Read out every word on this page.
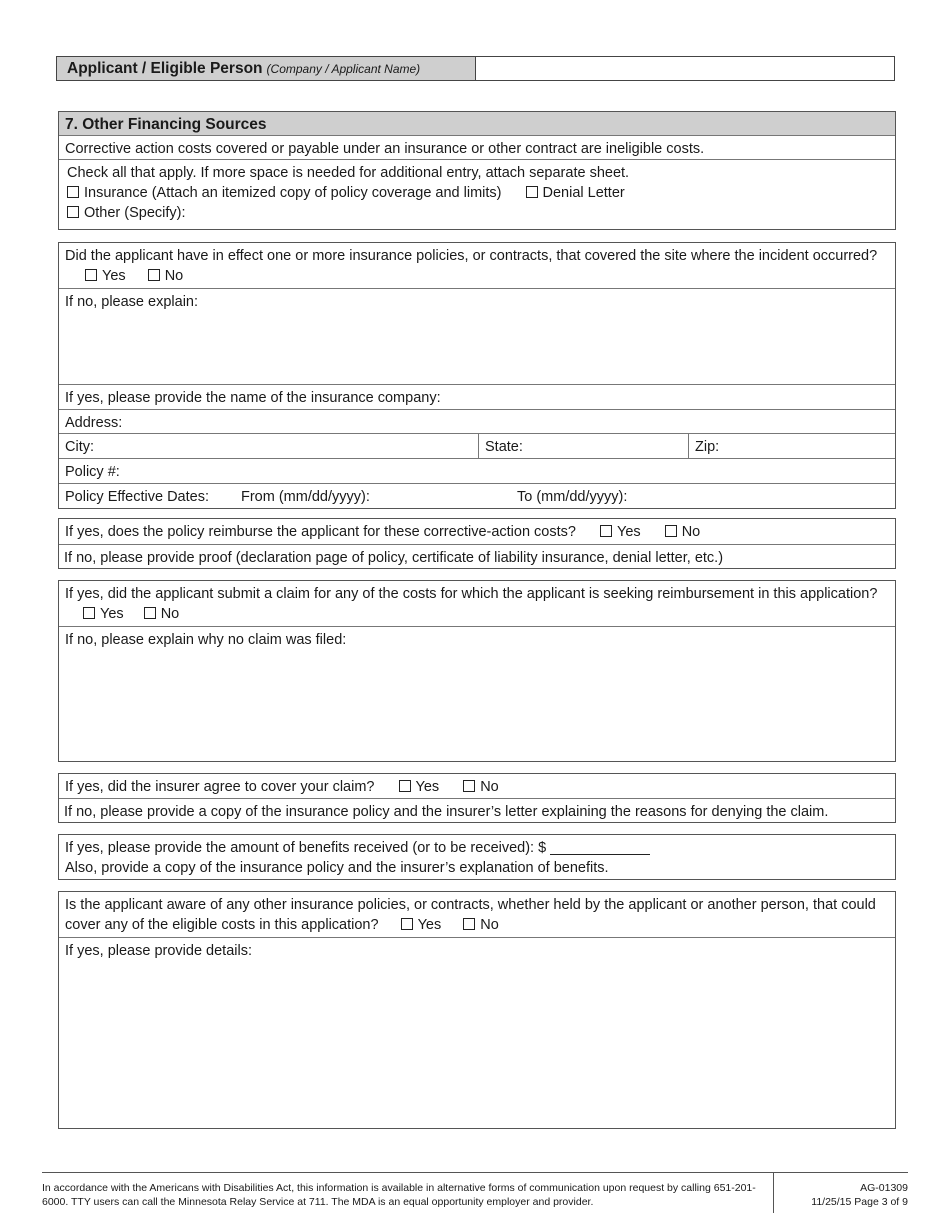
Applicant / Eligible Person (Company / Applicant Name)
7. Other Financing Sources
Corrective action costs covered or payable under an insurance or other contract are ineligible costs.
Check all that apply. If more space is needed for additional entry, attach separate sheet.
Insurance (Attach an itemized copy of policy coverage and limits)	Denial Letter
Other (Specify):
Did the applicant have in effect one or more insurance policies, or contracts, that covered the site where the incident occurred? Yes	No
If no, please explain:
If yes, please provide the name of the insurance company:
Address:
City:	State:	Zip:
Policy #:
Policy Effective Dates: From (mm/dd/yyyy):	To (mm/dd/yyyy):
If yes, does the policy reimburse the applicant for these corrective-action costs?	Yes	No
If no, please provide proof (declaration page of policy, certificate of liability insurance, denial letter, etc.)
If yes, did the applicant submit a claim for any of the costs for which the applicant is seeking reimbursement in this application? Yes	No
If no, please explain why no claim was filed:
If yes, did the insurer agree to cover your claim?	Yes	No
If no, please provide a copy of the insurance policy and the insurer’s letter explaining the reasons for denying the claim.
If yes, please provide the amount of benefits received (or to be received): $
Also, provide a copy of the insurance policy and the insurer’s explanation of benefits.
Is the applicant aware of any other insurance policies, or contracts, whether held by the applicant or another person, that could cover any of the eligible costs in this application?	Yes	No
If yes, please provide details:
In accordance with the Americans with Disabilities Act, this information is available in alternative forms of communication upon request by calling 651-201-6000. TTY users can call the Minnesota Relay Service at 711. The MDA is an equal opportunity employer and provider.
AG-01309
11/25/15 Page 3 of 9
